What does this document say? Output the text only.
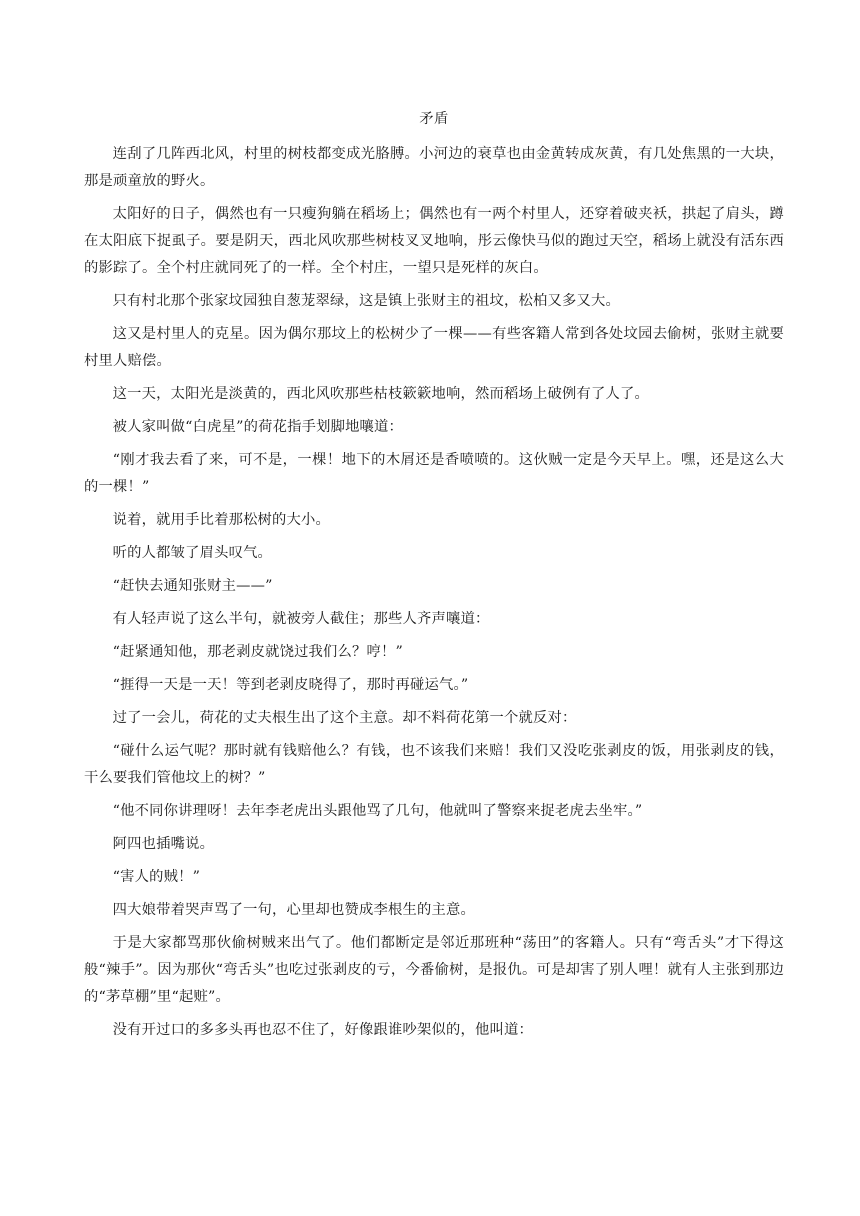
矛盾

连刮了几阵西北风，村里的树枝都变成光胳膊。小河边的衰草也由金黄转成灰黄，有几处焦黑的一大块，那是顽童放的野火。

太阳好的日子，偶然也有一只瘦狗躺在稻场上；偶然也有一两个村里人，还穿着破夹袄，拱起了肩头，蹲在太阳底下捉虱子。要是阴天，西北风吹那些树枝叉叉地响，彤云像快马似的跑过天空，稻场上就没有活东西的影踪了。全个村庄就同死了的一样。全个村庄，一望只是死样的灰白。

只有村北那个张家坟园独自葱茏翠绿，这是镇上张财主的祖坟，松柏又多又大。

这又是村里人的克星。因为偶尔那坟上的松树少了一棵——有些客籍人常到各处坟园去偷树，张财主就要村里人赔偿。

这一天，太阳光是淡黄的，西北风吹那些枯枝簌簌地响，然而稻场上破例有了人了。

被人家叫做“白虎星”的荷花指手划脚地嚷道：

“刚才我去看了来，可不是，一棵！地下的木屑还是香喷喷的。这伙贼一定是今天早上。嘿，还是这么大的一棵！”

说着，就用手比着那松树的大小。

听的人都皱了眉头叹气。

“赶快去通知张财主——”

有人轻声说了这么半句，就被旁人截住；那些人齐声嚷道：

“赶紧通知他，那老剥皮就饶过我们么？哼！”

“捱得一天是一天！等到老剥皮晓得了，那时再碰运气。”

过了一会儿，荷花的丈夫根生出了这个主意。却不料荷花第一个就反对：

“碰什么运气呢？那时就有钱赔他么？有钱，也不该我们来赔！我们又没吃张剥皮的饭，用张剥皮的钱，干么要我们管他坟上的树？”

“他不同你讲理呀！去年李老虎出头跟他骂了几句，他就叫了警察来捉老虎去坐牢。”

阿四也插嘴说。

“害人的贼！”

四大娘带着哭声骂了一句，心里却也赞成李根生的主意。

于是大家都骂那伙偷树贼来出气了。他们都断定是邻近那班种“荡田”的客籍人。只有“弯舌头”才下得这般“辣手”。因为那伙“弯舌头”也吃过张剥皮的亏，今番偷树，是报仇。可是却害了别人哩！就有人主张到那边的“茅草棚”里“起赃”。

没有开过口的多多头再也忍不住了，好像跟谁吵架似的，他叫道：
